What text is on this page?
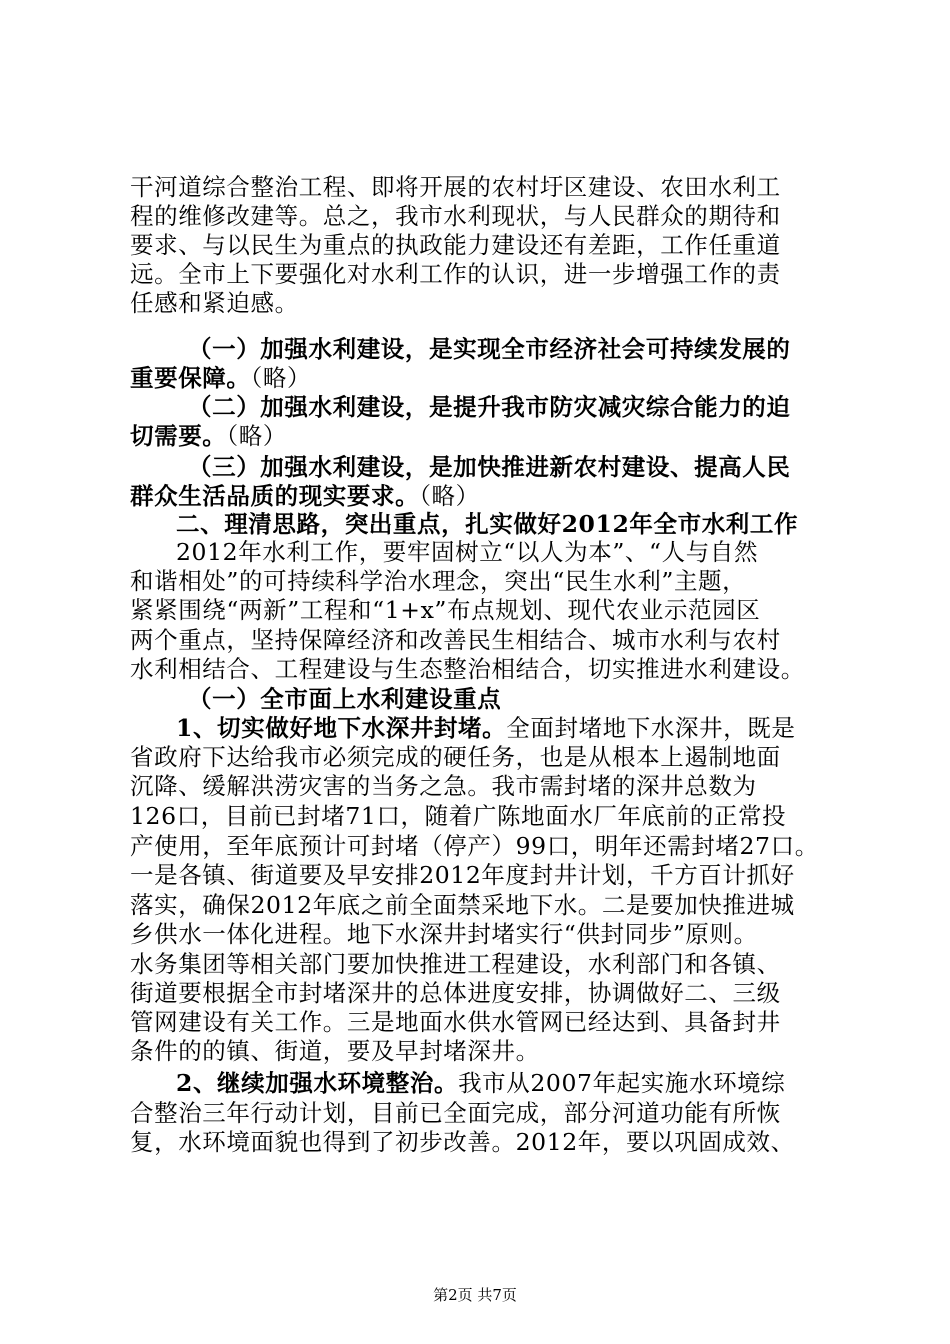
干河道综合整治工程、即将开展的农村圩区建设、农田水利工
程的维修改建等。总之，我市水利现状，与人民群众的期待和
要求、与以民生为重点的执政能力建设还有差距，工作任重道
远。全市上下要强化对水利工作的认识，进一步增强工作的责
任感和紧迫感。
（一）加强水利建设，是实现全市经济社会可持续发展的
重要保障。（略）
（二）加强水利建设，是提升我市防灾减灾综合能力的迫
切需要。（略）
（三）加强水利建设，是加快推进新农村建设、提高人民
群众生活品质的现实要求。（略）
二、理清思路，突出重点，扎实做好2012年全市水利工作
2012年水利工作，要牢固树立“以人为本”、“人与自然
和谐相处”的可持续科学治水理念，突出“民生水利”主题，
紧紧围绕“两新”工程和“1+x”布点规划、现代农业示范园区
两个重点，坚持保障经济和改善民生相结合、城市水利与农村
水利相结合、工程建设与生态整治相结合，切实推进水利建设。
（一）全市面上水利建设重点
1、切实做好地下水深井封堵。全面封堵地下水深井，既是
省政府下达给我市必须完成的硬任务，也是从根本上遏制地面
沉降、缓解洪涝灾害的当务之急。我市需封堵的深井总数为
126口，目前已封堵71口，随着广陈地面水厂年底前的正常投
产使用，至年底预计可封堵（停产）99口，明年还需封堵27口。
一是各镇、街道要及早安排2012年度封井计划，千方百计抓好
落实，确保2012年底之前全面禁采地下水。二是要加快推进城
乡供水一体化进程。地下水深井封堵实行“供封同步”原则。
水务集团等相关部门要加快推进工程建设，水利部门和各镇、
街道要根据全市封堵深井的总体进度安排，协调做好二、三级
管网建设有关工作。三是地面水供水管网已经达到、具备封井
条件的的镇、街道，要及早封堵深井。
2、继续加强水环境整治。我市从2007年起实施水环境综
合整治三年行动计划，目前已全面完成，部分河道功能有所恢
复，水环境面貌也得到了初步改善。2012年，要以巩固成效、
第2页 共7页
